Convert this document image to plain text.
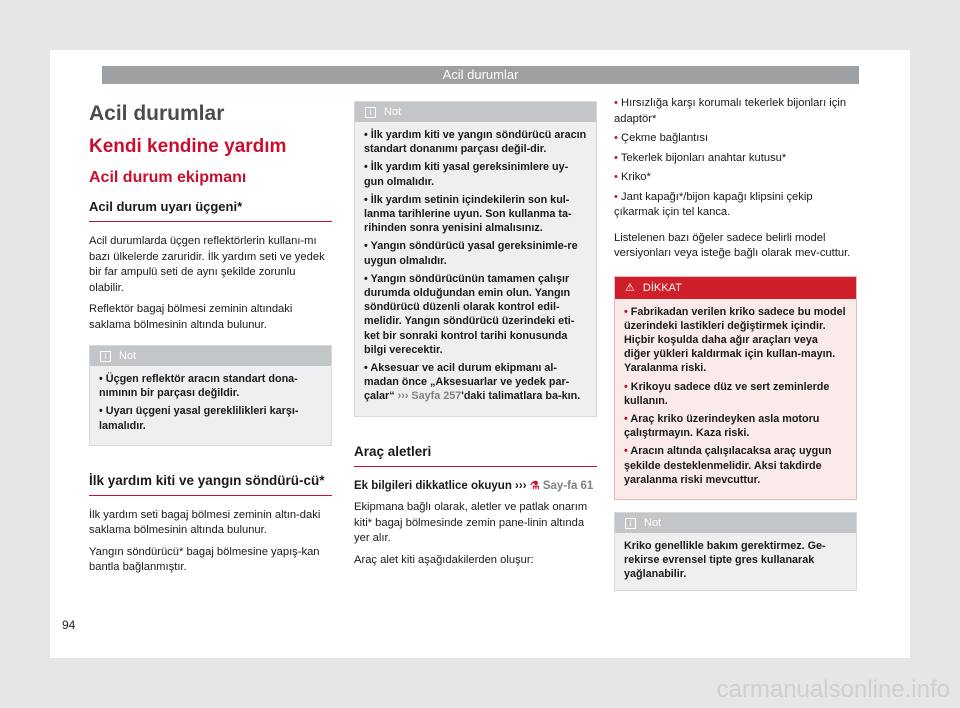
Acil durumlar
Acil durumlar
Kendi kendine yardım
Acil durum ekipmanı
Acil durum uyarı üçgeni*

Acil durumlarda üçgen reflektörlerin kullanı-mı bazı ülkelerde zaruridir. İlk yardım seti ve yedek bir far ampulü seti de aynı şekilde zorunlu olabilir.

Reflektör bagaj bölmesi zeminin altındaki saklama bölmesinin altında bulunur.

i Not
• Üçgen reflektör aracın standart dona-nımının bir parçası değildir.
• Uyarı üçgeni yasal gereklilikleri karşı-lamalıdır.
İlk yardım kiti ve yangın söndürü-cü*

İlk yardım seti bagaj bölmesi zeminin altın-daki saklama bölmesinin altında bulunur.

Yangın söndürücü* bagaj bölmesine yapış-kan bantla bağlanmıştır.

i Not
• İlk yardım kiti ve yangın söndürücü aracın standart donanımı parçası değil-dir.
• İlk yardım kiti yasal gereksinimlere uy-gun olmalıdır.
• İlk yardım setinin içindekilerin son kul-lanma tarihlerine uyun. Son kullanma ta-rihinden sonra yenisini almalısınız.
• Yangın söndürücü yasal gereksinimle-re uygun olmalıdır.
• Yangın söndürücünün tamamen çalışır durumda olduğundan emin olun. Yangın söndürücü düzenli olarak kontrol edil-melidir. Yangın söndürücü üzerindeki eti-ket bir sonraki kontrol tarihi konusunda bilgi verecektir.
• Aksesuar ve acil durum ekipmanı al-madan önce „Aksesuarlar ve yedek par-çalar“ ››› Sayfa 257'daki talimatlara ba-kın.
Araç aletleri

Ek bilgileri dikkatlice okuyun ››› ⚗ Say-fa 61

Ekipmana bağlı olarak, aletler ve patlak onarım kiti* bagaj bölmesinde zemin pane-linin altında yer alır.

Araç alet kiti aşağıdakilerden oluşur:

• Hırsızlığa karşı korumalı tekerlek bijonları için adaptör*
• Çekme bağlantısı
• Tekerlek bijonları anahtar kutusu*
• Kriko*
• Jant kapağı*/bijon kapağı klipsini çekip çıkarmak için tel kanca.

Listelenen bazı öğeler sadece belirli model versiyonları veya isteğe bağlı olarak mev-cuttur.

⚠ DİKKAT
• Fabrikadan verilen kriko sadece bu model üzerindeki lastikleri değiştirmek içindir. Hiçbir koşulda daha ağır araçları veya diğer yükleri kaldırmak için kullan-mayın. Yaralanma riski.
• Krikoyu sadece düz ve sert zeminlerde kullanın.
• Araç kriko üzerindeyken asla motoru çalıştırmayın. Kaza riski.
• Aracın altında çalışılacaksa araç uygun şekilde desteklenmelidir. Aksi takdirde yaralanma riski mevcuttur.
i Not
Kriko genellikle bakım gerektirmez. Ge-rekirse evrensel tipte gres kullanarak yağlanabilir.
94
carmanualsonline.info
